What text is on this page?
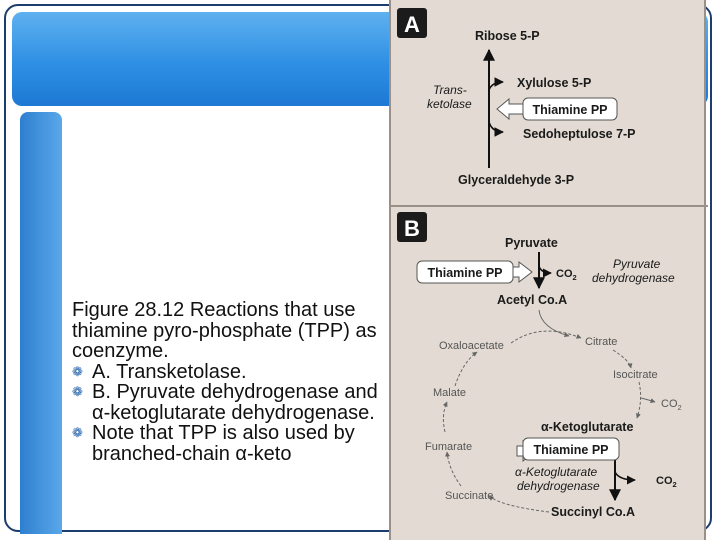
Figure 28.12 Reactions that use thiamine pyro-phosphate (TPP) as coenzyme.

❁ A. Transketolase.
❁ B. Pyruvate dehydrogenase and α-ketoglutarate dehydrogenase.
❁ Note that TPP is also used by branched-chain α-keto
A	Ribose 5-P
Trans-
ketolase
Xylulose 5-P
Thiamine PP
Sedoheptulose 7-P
Glyceraldehyde 3-P
B
Pyruvate
Thiamine PP	$CO_2$
Pyruvate
dehydrogenase
Acetyl Co.A
Oxaloacetate	Citrate
Isocitrate
$CO_2$
Malate
α-Ketoglutarate
Thiamine PP
Fumarate
α-Ketoglutarate
dehydrogenase	$CO_2$
Succinate
Succinyl Co.A
